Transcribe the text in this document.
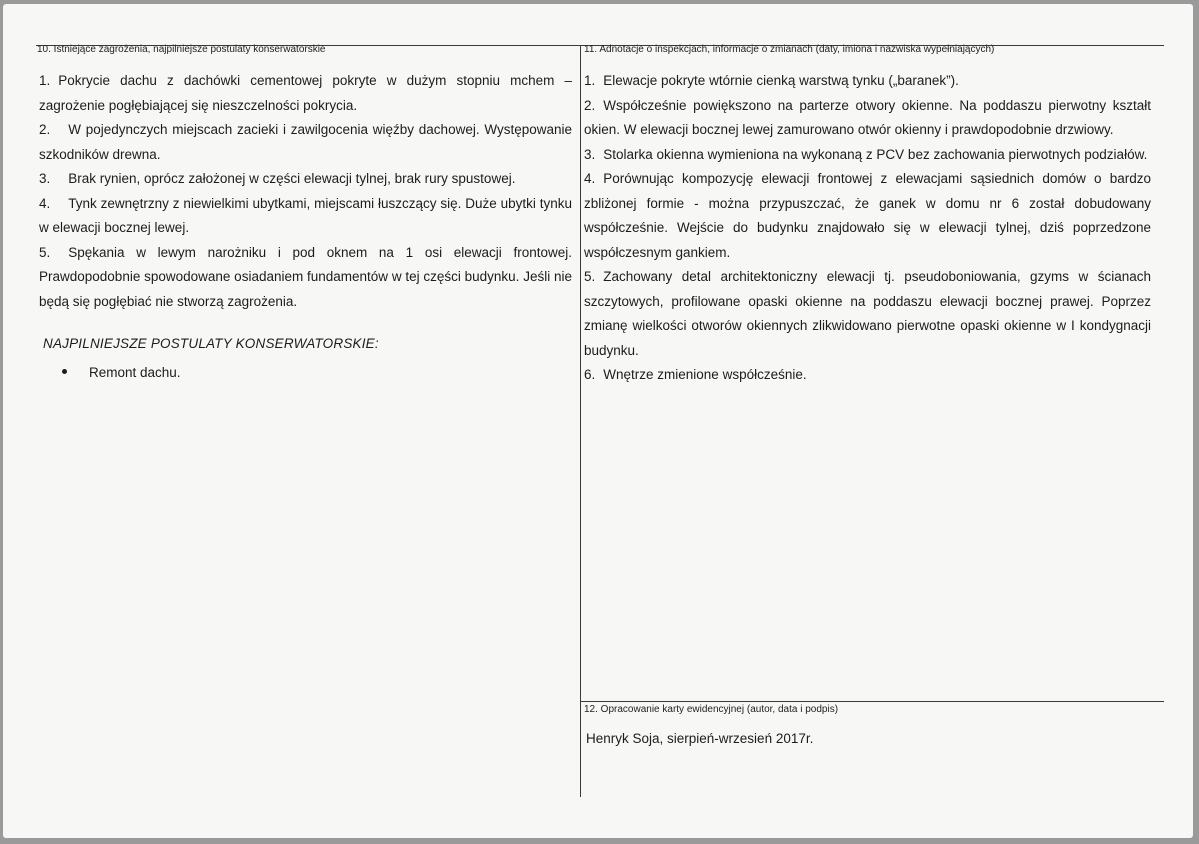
10. Istniejące zagrożenia, najpilniejsze postulaty konserwatorskie	11. Adnotacje o inspekcjach, informacje o zmianach (daty, imiona i nazwiska wypełniających)
12. Opracowanie karty ewidencyjnej (autor, data i podpis)

1. Pokrycie dachu z dachówki cementowej pokryte w dużym stopniu mchem – zagrożenie pogłębiającej się nieszczelności pokrycia.

2. W pojedynczych miejscach zacieki i zawilgocenia więźby dachowej. Występowanie szkodników drewna.

3. Brak rynien, oprócz założonej w części elewacji tylnej, brak rury spustowej.

4. Tynk zewnętrzny z niewielkimi ubytkami, miejscami łuszczący się. Duże ubytki tynku w elewacji bocznej lewej.

5. Spękania w lewym narożniku i pod oknem na 1 osi elewacji frontowej. Prawdopodobnie spowodowane osiadaniem fundamentów w tej części budynku. Jeśli nie będą się pogłębiać nie stworzą zagrożenia.

NAJPILNIEJSZE POSTULATY KONSERWATORSKIE:
Remont dachu.

1. Elewacje pokryte wtórnie cienką warstwą tynku („baranek”).

2. Współcześnie powiększono na parterze otwory okienne. Na poddaszu pierwotny kształt okien. W elewacji bocznej lewej zamurowano otwór okienny i prawdopodobnie drzwiowy.

3. Stolarka okienna wymieniona na wykonaną z PCV bez zachowania pierwotnych podziałów.

4. Porównując kompozycję elewacji frontowej z elewacjami sąsiednich domów o bardzo zbliżonej formie - można przypuszczać, że ganek w domu nr 6 został dobudowany współcześnie. Wejście do budynku znajdowało się w elewacji tylnej, dziś poprzedzone współczesnym gankiem.

5. Zachowany detal architektoniczny elewacji tj. pseudoboniowania, gzyms w ścianach szczytowych, profilowane opaski okienne na poddaszu elewacji bocznej prawej. Poprzez zmianę wielkości otworów okiennych zlikwidowano pierwotne opaski okienne w I kondygnacji budynku.

6. Wnętrze zmienione współcześnie.

Henryk Soja, sierpień-wrzesień 2017r.
